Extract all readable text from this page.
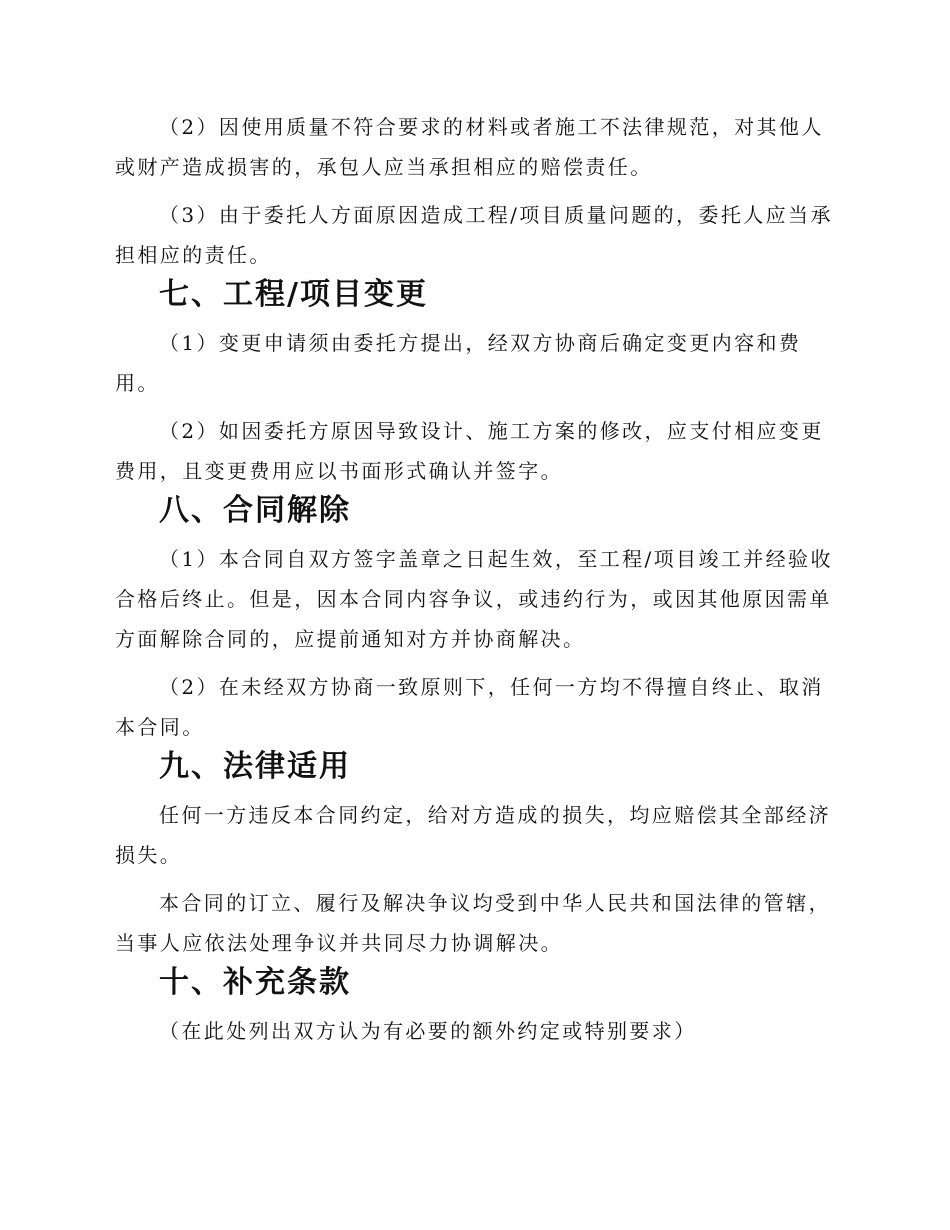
（2）因使用质量不符合要求的材料或者施工不法律规范，对其他人或财产造成损害的，承包人应当承担相应的赔偿责任。

（3）由于委托人方面原因造成工程/项目质量问题的，委托人应当承担相应的责任。

七、工程/项目变更

（1）变更申请须由委托方提出，经双方协商后确定变更内容和费用。

（2）如因委托方原因导致设计、施工方案的修改，应支付相应变更费用，且变更费用应以书面形式确认并签字。

八、合同解除

（1）本合同自双方签字盖章之日起生效，至工程/项目竣工并经验收合格后终止。但是，因本合同内容争议，或违约行为，或因其他原因需单方面解除合同的，应提前通知对方并协商解决。

（2）在未经双方协商一致原则下，任何一方均不得擅自终止、取消本合同。

九、法律适用

任何一方违反本合同约定，给对方造成的损失，均应赔偿其全部经济损失。

本合同的订立、履行及解决争议均受到中华人民共和国法律的管辖，当事人应依法处理争议并共同尽力协调解决。

十、补充条款

（在此处列出双方认为有必要的额外约定或特别要求）
